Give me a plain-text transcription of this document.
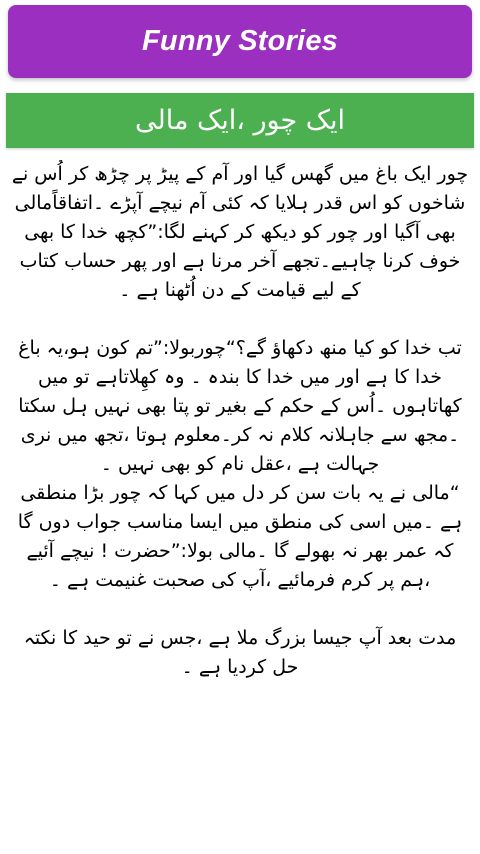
Funny Stories
ایک چور ،ایک مالی

چور ایک باغ میں گھس گیا اور آم کے پیڑ پر چڑھ کر اُس نے شاخوں کو اس قدر ہلایا کہ کئی آم نیچے آپڑے ۔اتفاقاًمالی بھی آگیا اور چور کو دیکھ کر کہنے لگا:”کچھ خدا کا بھی خوف کرنا چاہیے۔تجھے آخر مرنا ہے اور پھر حساب کتاب کے لیے قیامت کے دن اُٹھنا ہے ۔

تب خدا کو کیا منھ دکھاؤ گے؟“چوربولا:”تم کون ہو،یہ باغ خدا کا ہے اور میں خدا کا بندہ ۔ وہ کھِلاتاہے تو میں کھاتاہوں ۔اُس کے حکم کے بغیر تو پتا بھی نہیں ہل سکتا ۔مجھ سے جاہلانہ کلام نہ کر۔معلوم ہوتا ،تجھ میں نری جہالت ہے ،عقل نام کو بھی نہیں ۔

“مالی نے یہ بات سن کر دل میں کہا کہ چور بڑا منطقی ہے ۔میں اسی کی منطق میں ایسا مناسب جواب دوں گا کہ عمر بھر نہ بھولے گا ۔مالی بولا:”حضرت ! نیچے آئیے ،ہم پر کرم فرمائیے ،آپ کی صحبت غنیمت ہے ۔

مدت بعد آپ جیسا بزرگ ملا ہے ،جس نے تو حید کا نکتہ حل کردیا ہے ۔
